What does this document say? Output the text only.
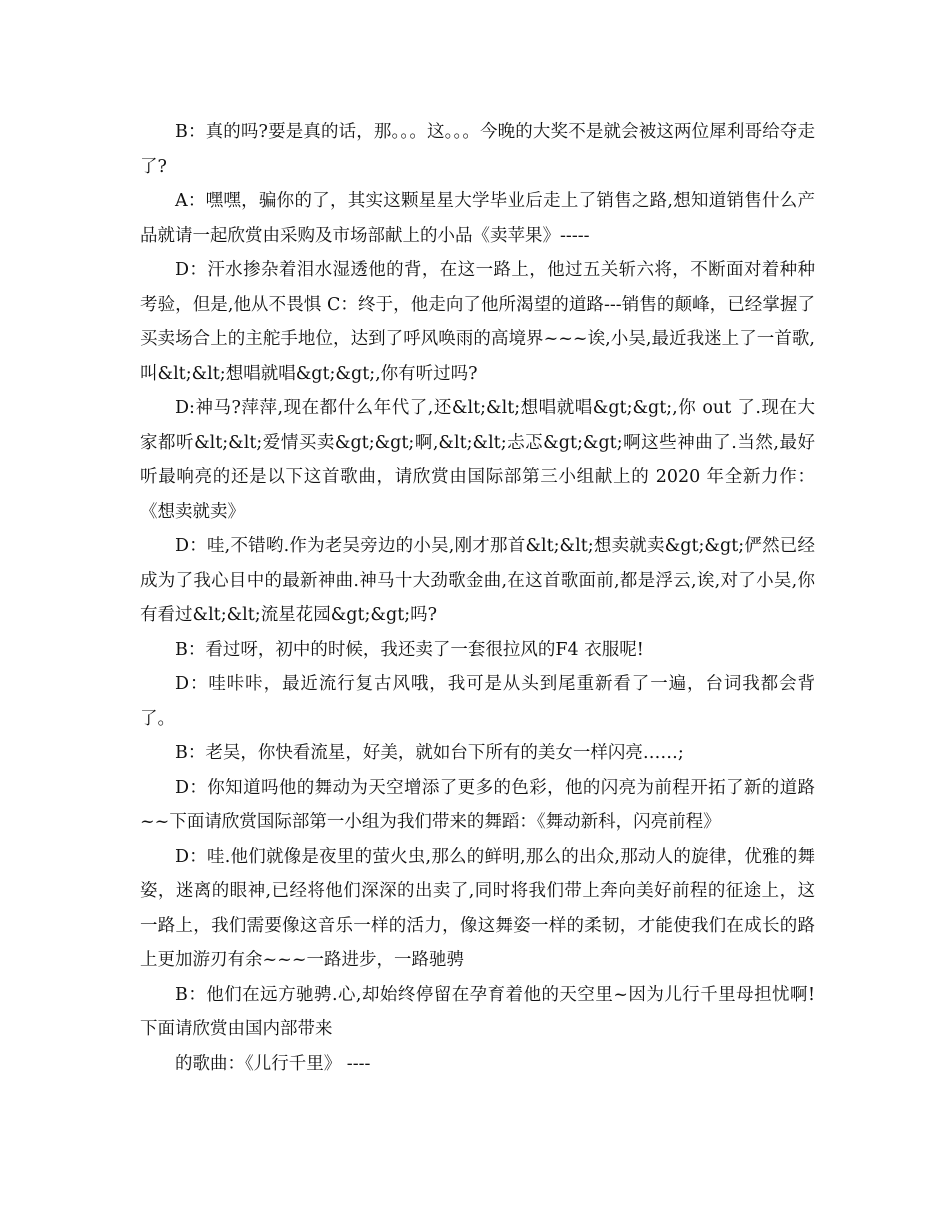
B：真的吗?要是真的话，那。。。这。。。今晚的大奖不是就会被这两位犀利哥给夺走了?

A：嘿嘿，骗你的了，其实这颗星星大学毕业后走上了销售之路,想知道销售什么产品就请一起欣赏由采购及市场部献上的小品《卖苹果》-----

D：汗水掺杂着泪水湿透他的背，在这一路上，他过五关斩六将，不断面对着种种考验，但是,他从不畏惧 C：终于，他走向了他所渴望的道路---销售的颠峰，已经掌握了买卖场合上的主舵手地位，达到了呼风唤雨的高境界~~~诶,小吴,最近我迷上了一首歌,叫&lt;&lt;想唱就唱&gt;&gt;,你有听过吗?

D:神马?萍萍,现在都什么年代了,还&lt;&lt;想唱就唱&gt;&gt;,你 out 了.现在大家都听&lt;&lt;爱情买卖&gt;&gt;啊,&lt;&lt;忐忑&gt;&gt;啊这些神曲了.当然,最好听最响亮的还是以下这首歌曲，请欣赏由国际部第三小组献上的 2020 年全新力作：《想卖就卖》

D：哇,不错哟.作为老吴旁边的小吴,刚才那首&lt;&lt;想卖就卖&gt;&gt;俨然已经成为了我心目中的最新神曲.神马十大劲歌金曲,在这首歌面前,都是浮云,诶,对了小吴,你有看过&lt;&lt;流星花园&gt;&gt;吗?

B：看过呀，初中的时候，我还卖了一套很拉风的F4 衣服呢!

D：哇咔咔，最近流行复古风哦，我可是从头到尾重新看了一遍，台词我都会背了。

B：老吴，你快看流星，好美，就如台下所有的美女一样闪亮……;

D：你知道吗他的舞动为天空增添了更多的色彩，他的闪亮为前程开拓了新的道路~~下面请欣赏国际部第一小组为我们带来的舞蹈：《舞动新科，闪亮前程》

D：哇.他们就像是夜里的萤火虫,那么的鲜明,那么的出众,那动人的旋律，优雅的舞姿，迷离的眼神,已经将他们深深的出卖了,同时将我们带上奔向美好前程的征途上，这一路上，我们需要像这音乐一样的活力，像这舞姿一样的柔韧，才能使我们在成长的路上更加游刃有余~~~一路进步，一路驰骋

B：他们在远方驰骋.心,却始终停留在孕育着他的天空里~因为儿行千里母担忧啊!下面请欣赏由国内部带来

的歌曲：《儿行千里》 ----
